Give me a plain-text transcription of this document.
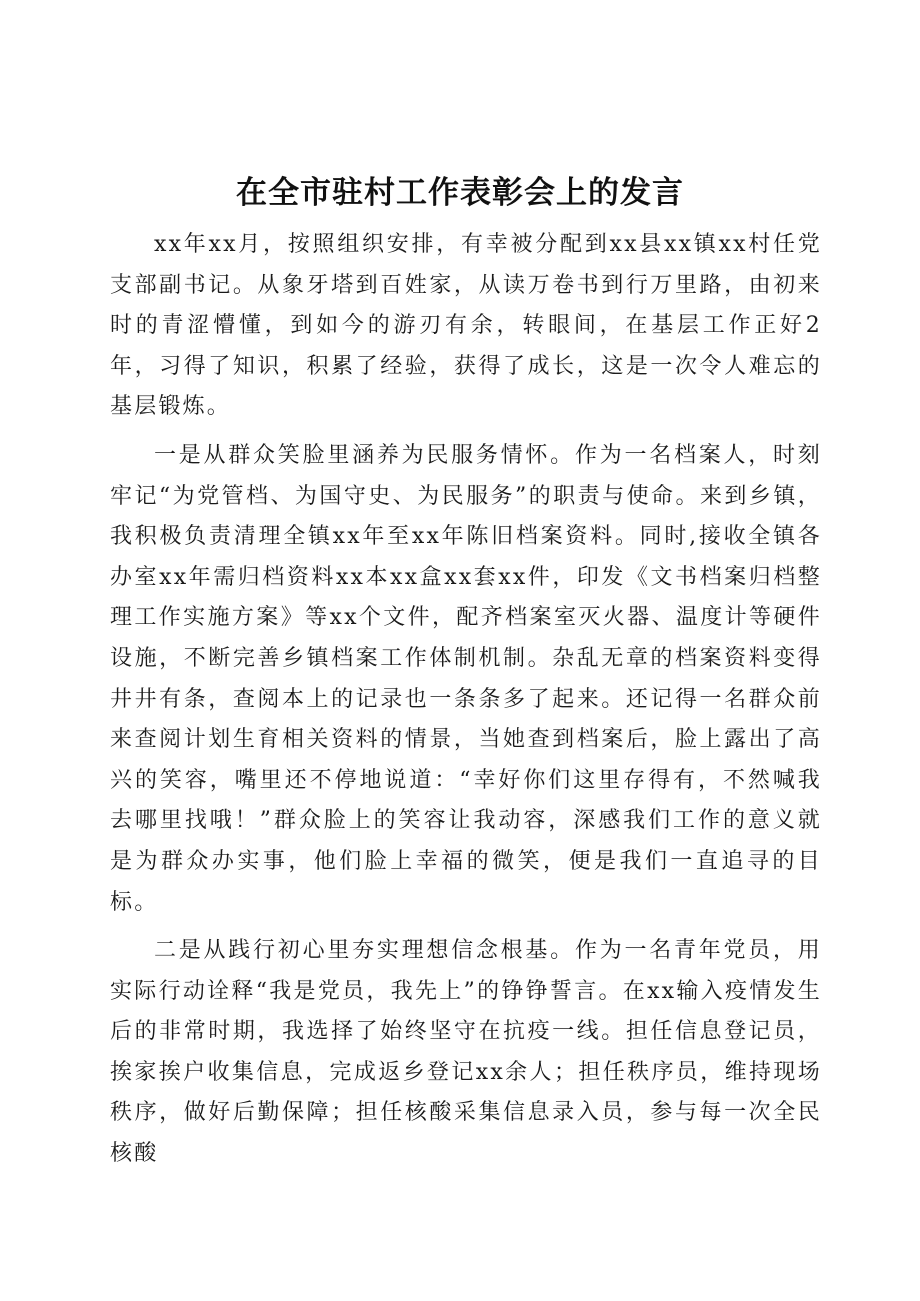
在全市驻村工作表彰会上的发言

xx年xx月，按照组织安排，有幸被分配到xx县xx镇xx村任党支部副书记。从象牙塔到百姓家，从读万卷书到行万里路，由初来时的青涩懵懂，到如今的游刃有余，转眼间，在基层工作正好2年，习得了知识，积累了经验，获得了成长，这是一次令人难忘的基层锻炼。

一是从群众笑脸里涵养为民服务情怀。作为一名档案人，时刻牢记“为党管档、为国守史、为民服务”的职责与使命。来到乡镇，我积极负责清理全镇xx年至xx年陈旧档案资料。同时,接收全镇各办室xx年需归档资料xx本xx盒xx套xx件，印发《文书档案归档整理工作实施方案》等xx个文件，配齐档案室灭火器、温度计等硬件设施，不断完善乡镇档案工作体制机制。杂乱无章的档案资料变得井井有条，查阅本上的记录也一条条多了起来。还记得一名群众前来查阅计划生育相关资料的情景，当她查到档案后，脸上露出了高兴的笑容，嘴里还不停地说道：“幸好你们这里存得有，不然喊我去哪里找哦！”群众脸上的笑容让我动容，深感我们工作的意义就是为群众办实事，他们脸上幸福的微笑，便是我们一直追寻的目标。

二是从践行初心里夯实理想信念根基。作为一名青年党员，用实际行动诠释“我是党员，我先上”的铮铮誓言。在xx输入疫情发生后的非常时期，我选择了始终坚守在抗疫一线。担任信息登记员，挨家挨户收集信息，完成返乡登记xx余人；担任秩序员，维持现场秩序，做好后勤保障；担任核酸采集信息录入员，参与每一次全民核酸
